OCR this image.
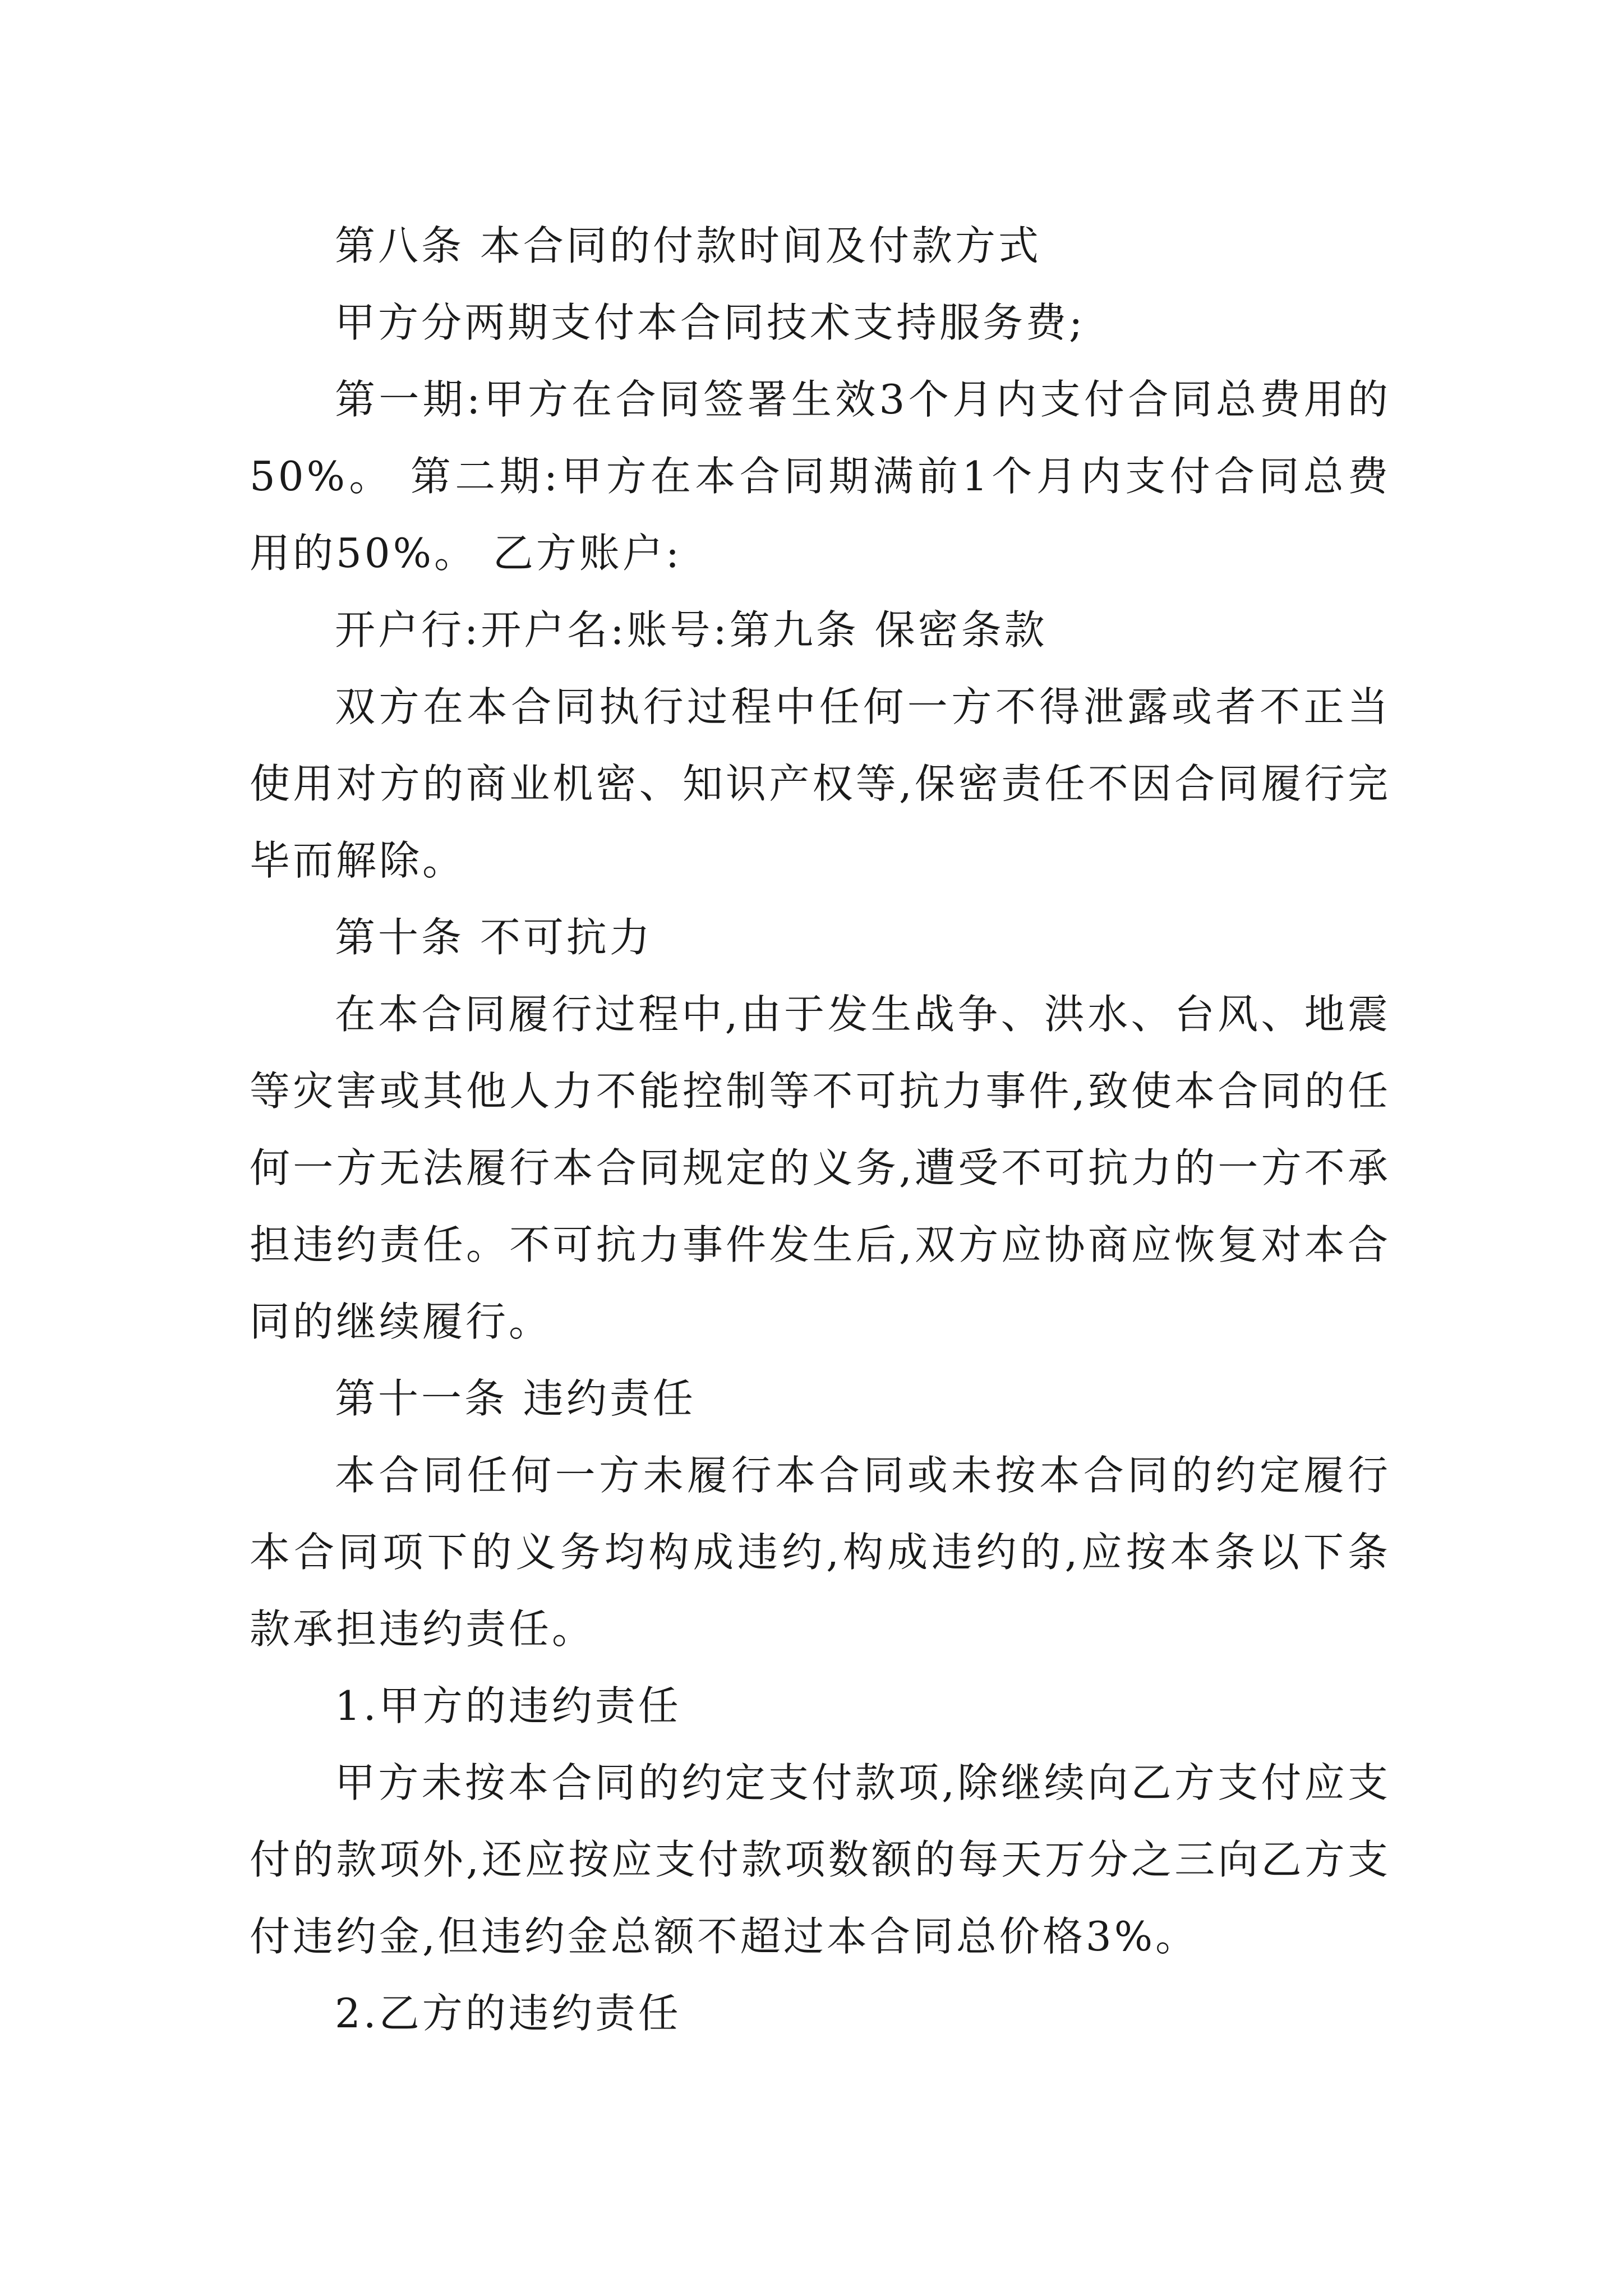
第八条 本合同的付款时间及付款方式

甲方分两期支付本合同技术支持服务费;

第一期:甲方在合同签署生效3个月内支付合同总费用的50%。 第二期:甲方在本合同期满前1个月内支付合同总费用的50%。 乙方账户:

开户行:开户名:账号:第九条 保密条款

双方在本合同执行过程中任何一方不得泄露或者不正当使用对方的商业机密、知识产权等,保密责任不因合同履行完毕而解除。

第十条 不可抗力

在本合同履行过程中,由于发生战争、洪水、台风、地震等灾害或其他人力不能控制等不可抗力事件,致使本合同的任何一方无法履行本合同规定的义务,遭受不可抗力的一方不承担违约责任。不可抗力事件发生后,双方应协商应恢复对本合同的继续履行。

第十一条 违约责任

本合同任何一方未履行本合同或未按本合同的约定履行本合同项下的义务均构成违约,构成违约的,应按本条以下条款承担违约责任。

1.甲方的违约责任

甲方未按本合同的约定支付款项,除继续向乙方支付应支付的款项外,还应按应支付款项数额的每天万分之三向乙方支付违约金,但违约金总额不超过本合同总价格3%。

2.乙方的违约责任
